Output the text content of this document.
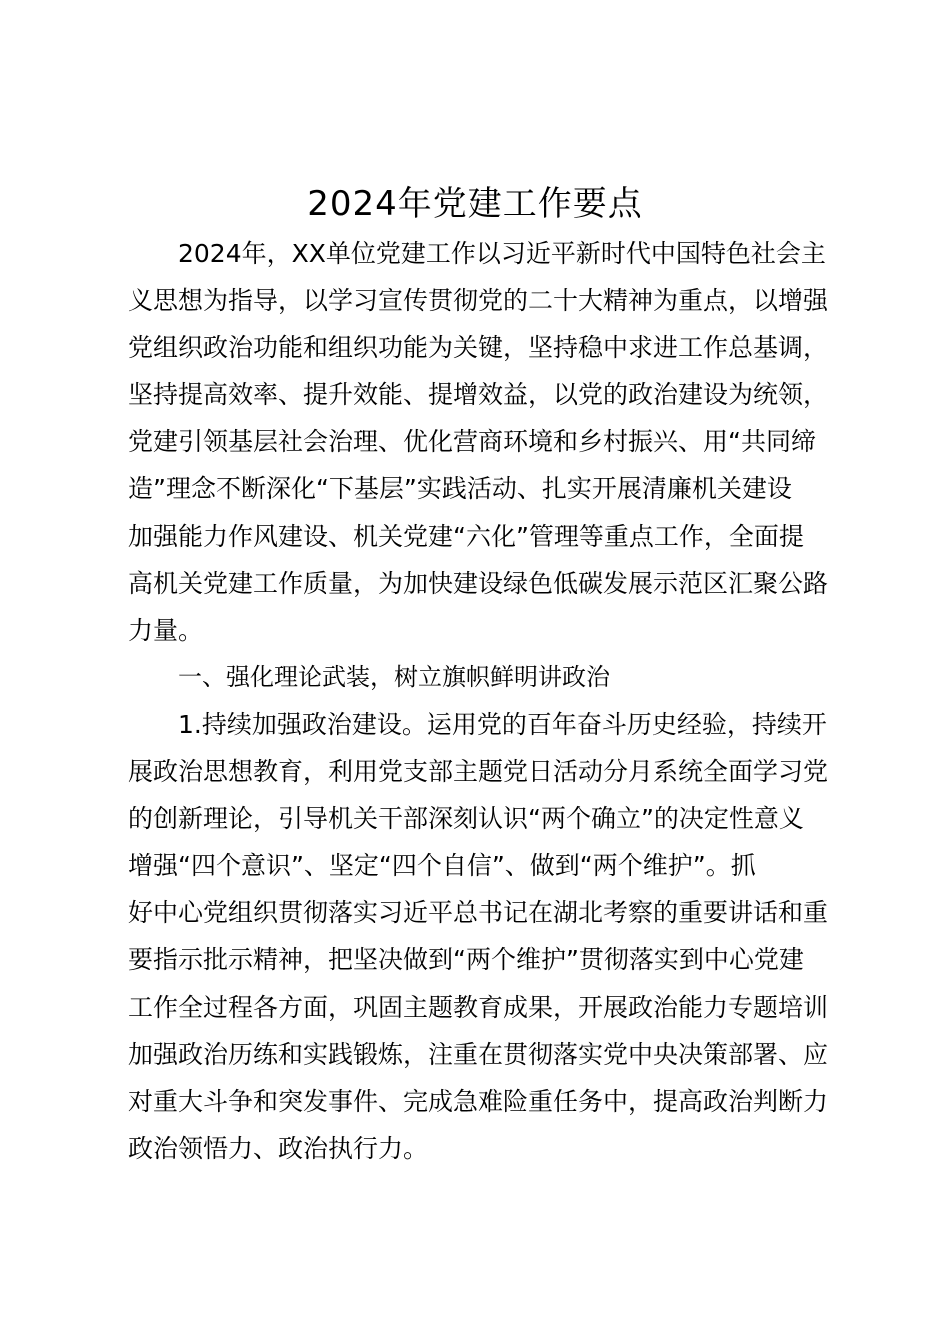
2024年党建工作要点
2024年，XX单位党建工作以习近平新时代中国特色社会主
义思想为指导，以学习宣传贯彻党的二十大精神为重点，以增强
党组织政治功能和组织功能为关键，坚持稳中求进工作总基调，
坚持提高效率、提升效能、提增效益，以党的政治建设为统领，
党建引领基层社会治理、优化营商环境和乡村振兴、用“共同缔
造”理念不断深化“下基层”实践活动、扎实开展清廉机关建设
加强能力作风建设、机关党建“六化”管理等重点工作，全面提
高机关党建工作质量，为加快建设绿色低碳发展示范区汇聚公路
力量。
一、强化理论武装，树立旗帜鲜明讲政治
1.持续加强政治建设。运用党的百年奋斗历史经验，持续开
展政治思想教育，利用党支部主题党日活动分月系统全面学习党
的创新理论，引导机关干部深刻认识“两个确立”的决定性意义
增强“四个意识”、坚定“四个自信”、做到“两个维护”。抓
好中心党组织贯彻落实习近平总书记在湖北考察的重要讲话和重
要指示批示精神，把坚决做到“两个维护”贯彻落实到中心党建
工作全过程各方面，巩固主题教育成果，开展政治能力专题培训
加强政治历练和实践锻炼，注重在贯彻落实党中央决策部署、应
对重大斗争和突发事件、完成急难险重任务中，提高政治判断力
政治领悟力、政治执行力。
